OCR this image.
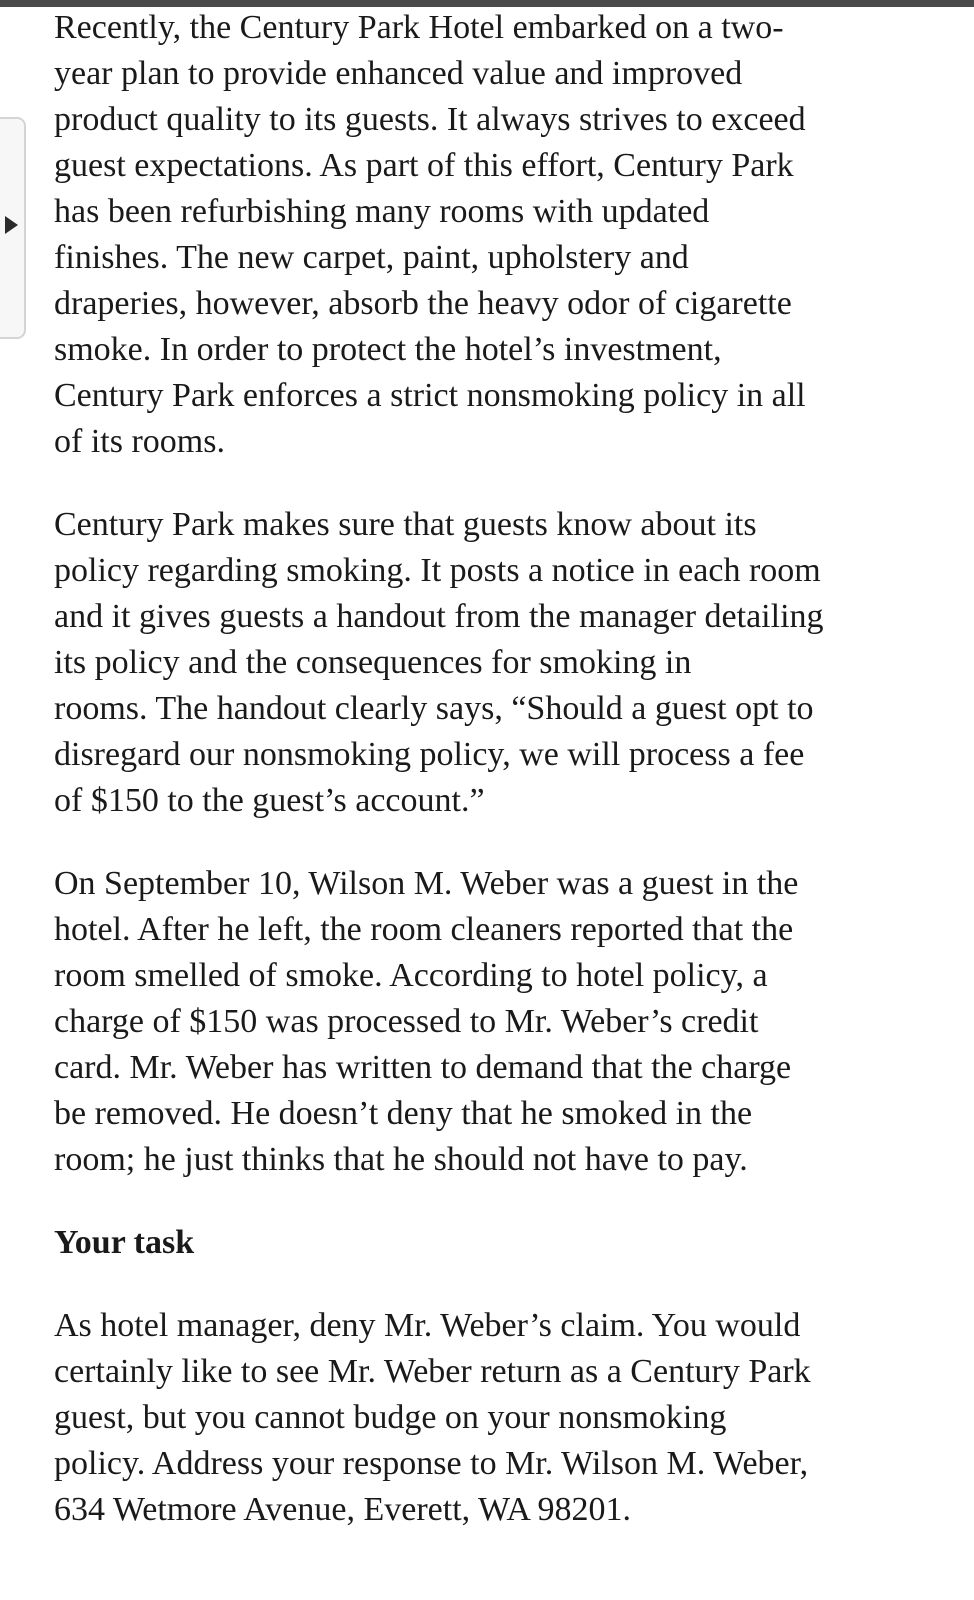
Recently, the Century Park Hotel embarked on a two-
year plan to provide enhanced value and improved
product quality to its guests. It always strives to exceed
guest expectations. As part of this effort, Century Park
has been refurbishing many rooms with updated
finishes. The new carpet, paint, upholstery and
draperies, however, absorb the heavy odor of cigarette
smoke. In order to protect the hotel’s investment,
Century Park enforces a strict nonsmoking policy in all
of its rooms.

Century Park makes sure that guests know about its
policy regarding smoking. It posts a notice in each room
and it gives guests a handout from the manager detailing
its policy and the consequences for smoking in
rooms. The handout clearly says, “Should a guest opt to
disregard our nonsmoking policy, we will process a fee
of $150 to the guest’s account.”

On September 10, Wilson M. Weber was a guest in the
hotel. After he left, the room cleaners reported that the
room smelled of smoke. According to hotel policy, a
charge of $150 was processed to Mr. Weber’s credit
card. Mr. Weber has written to demand that the charge
be removed. He doesn’t deny that he smoked in the
room; he just thinks that he should not have to pay.

Your task

As hotel manager, deny Mr. Weber’s claim. You would
certainly like to see Mr. Weber return as a Century Park
guest, but you cannot budge on your nonsmoking
policy. Address your response to Mr. Wilson M. Weber,
634 Wetmore Avenue, Everett, WA 98201.
